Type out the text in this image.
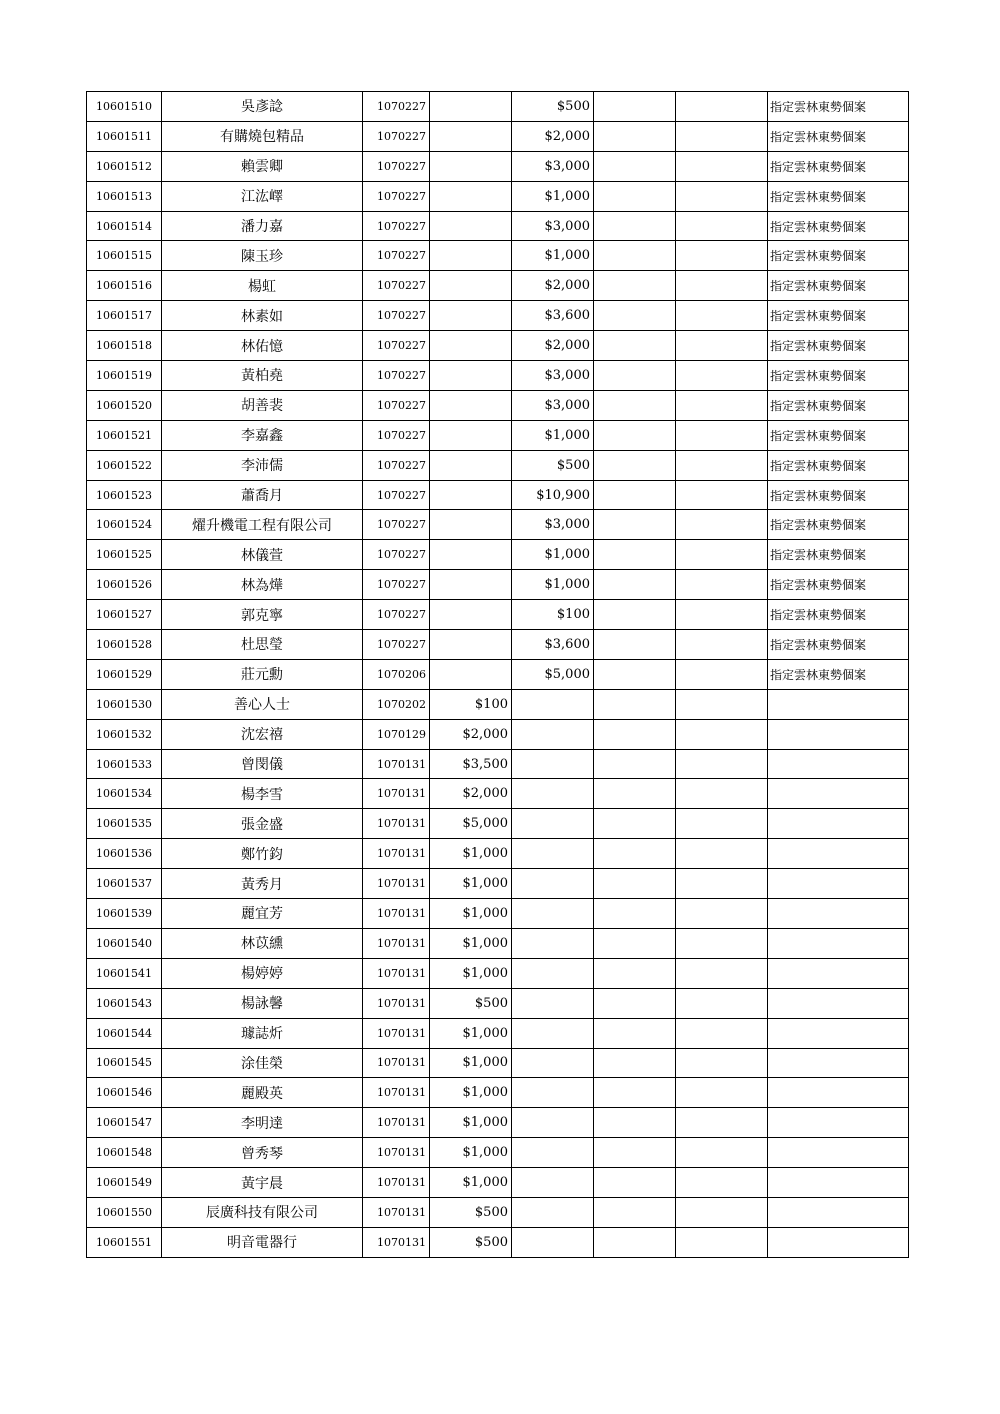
10601510	吳彥諗	1070227		$500			指定雲林東勢個案
10601511	有購燒包精品	1070227		$2,000			指定雲林東勢個案
10601512	賴雲卿	1070227		$3,000			指定雲林東勢個案
10601513	江汯嶧	1070227		$1,000			指定雲林東勢個案
10601514	潘力嘉	1070227		$3,000			指定雲林東勢個案
10601515	陳玉珍	1070227		$1,000			指定雲林東勢個案
10601516	楊虹	1070227		$2,000			指定雲林東勢個案
10601517	林素如	1070227		$3,600			指定雲林東勢個案
10601518	林佑憶	1070227		$2,000			指定雲林東勢個案
10601519	黃柏堯	1070227		$3,000			指定雲林東勢個案
10601520	胡善裴	1070227		$3,000			指定雲林東勢個案
10601521	李嘉鑫	1070227		$1,000			指定雲林東勢個案
10601522	李沛儒	1070227		$500			指定雲林東勢個案
10601523	蕭喬月	1070227		$10,900			指定雲林東勢個案
10601524	燿升機電工程有限公司	1070227		$3,000			指定雲林東勢個案
10601525	林儀萱	1070227		$1,000			指定雲林東勢個案
10601526	林為燁	1070227		$1,000			指定雲林東勢個案
10601527	郭克寧	1070227		$100			指定雲林東勢個案
10601528	杜思瑩	1070227		$3,600			指定雲林東勢個案
10601529	莊元勳	1070206		$5,000			指定雲林東勢個案
10601530	善心人士	1070202	$100				
10601532	沈宏禧	1070129	$2,000				
10601533	曾閔儀	1070131	$3,500				
10601534	楊李雪	1070131	$2,000				
10601535	張金盛	1070131	$5,000				
10601536	鄭竹鈞	1070131	$1,000				
10601537	黃秀月	1070131	$1,000				
10601539	麗宜芳	1070131	$1,000				
10601540	林苡纁	1070131	$1,000				
10601541	楊婷婷	1070131	$1,000				
10601543	楊詠馨	1070131	$500				
10601544	璩誌炘	1070131	$1,000				
10601545	涂佳榮	1070131	$1,000				
10601546	麗殿英	1070131	$1,000				
10601547	李明達	1070131	$1,000				
10601548	曾秀琴	1070131	$1,000				
10601549	黃宇晨	1070131	$1,000				
10601550	辰廣科技有限公司	1070131	$500				
10601551	明音電器行	1070131	$500				
